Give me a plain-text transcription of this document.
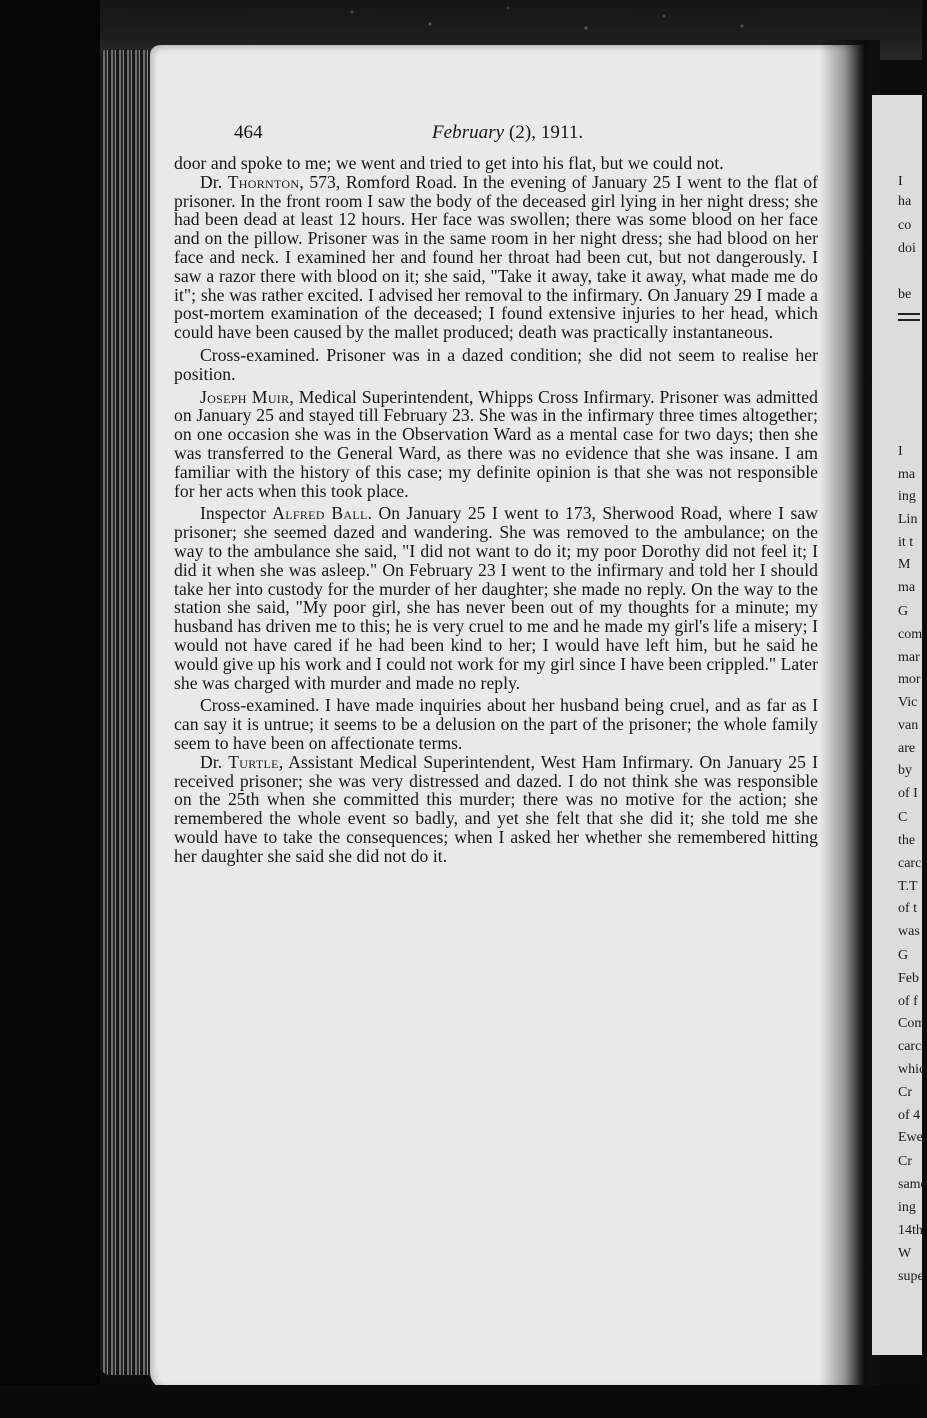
I
ha
co
doi
be
I
ma
ing
Lin
it t
M
ma
G
com
mar
mor
Vic
van
are
by
of I
C
the
carc
T.T
of t
was
G
Feb
of f
Com
carc
whic
Cr
of 4
Ewe
Cr
same
ing
14th
W
supe
464	February (2), 1911.

door and spoke to me; we went and tried to get into his flat, but we could not.

Dr. Thornton, 573, Romford Road. In the evening of January 25 I went to the flat of prisoner. In the front room I saw the body of the deceased girl lying in her night dress; she had been dead at least 12 hours. Her face was swollen; there was some blood on her face and on the pillow. Prisoner was in the same room in her night dress; she had blood on her face and neck. I examined her and found her throat had been cut, but not dangerously. I saw a razor there with blood on it; she said, "Take it away, take it away, what made me do it"; she was rather excited. I advised her removal to the infirmary. On January 29 I made a post-mortem examination of the deceased; I found extensive injuries to her head, which could have been caused by the mallet produced; death was practically instantaneous.

Cross-examined. Prisoner was in a dazed condition; she did not seem to realise her position.

Joseph Muir, Medical Superintendent, Whipps Cross Infirmary. Prisoner was admitted on January 25 and stayed till February 23. She was in the infirmary three times altogether; on one occasion she was in the Observation Ward as a mental case for two days; then she was transferred to the General Ward, as there was no evidence that she was insane. I am familiar with the history of this case; my definite opinion is that she was not responsible for her acts when this took place.

Inspector Alfred Ball. On January 25 I went to 173, Sherwood Road, where I saw prisoner; she seemed dazed and wandering. She was removed to the ambulance; on the way to the ambulance she said, "I did not want to do it; my poor Dorothy did not feel it; I did it when she was asleep." On February 23 I went to the infirmary and told her I should take her into custody for the murder of her daughter; she made no reply. On the way to the station she said, "My poor girl, she has never been out of my thoughts for a minute; my husband has driven me to this; he is very cruel to me and he made my girl's life a misery; I would not have cared if he had been kind to her; I would have left him, but he said he would give up his work and I could not work for my girl since I have been crippled." Later she was charged with murder and made no reply.

Cross-examined. I have made inquiries about her husband being cruel, and as far as I can say it is untrue; it seems to be a delusion on the part of the prisoner; the whole family seem to have been on affectionate terms.

Dr. Turtle, Assistant Medical Superintendent, West Ham Infirmary. On January 25 I received prisoner; she was very distressed and dazed. I do not think she was responsible on the 25th when she committed this murder; there was no motive for the action; she remembered the whole event so badly, and yet she felt that she did it; she told me she would have to take the consequences; when I asked her whether she remembered hitting her daughter she said she did not do it.
